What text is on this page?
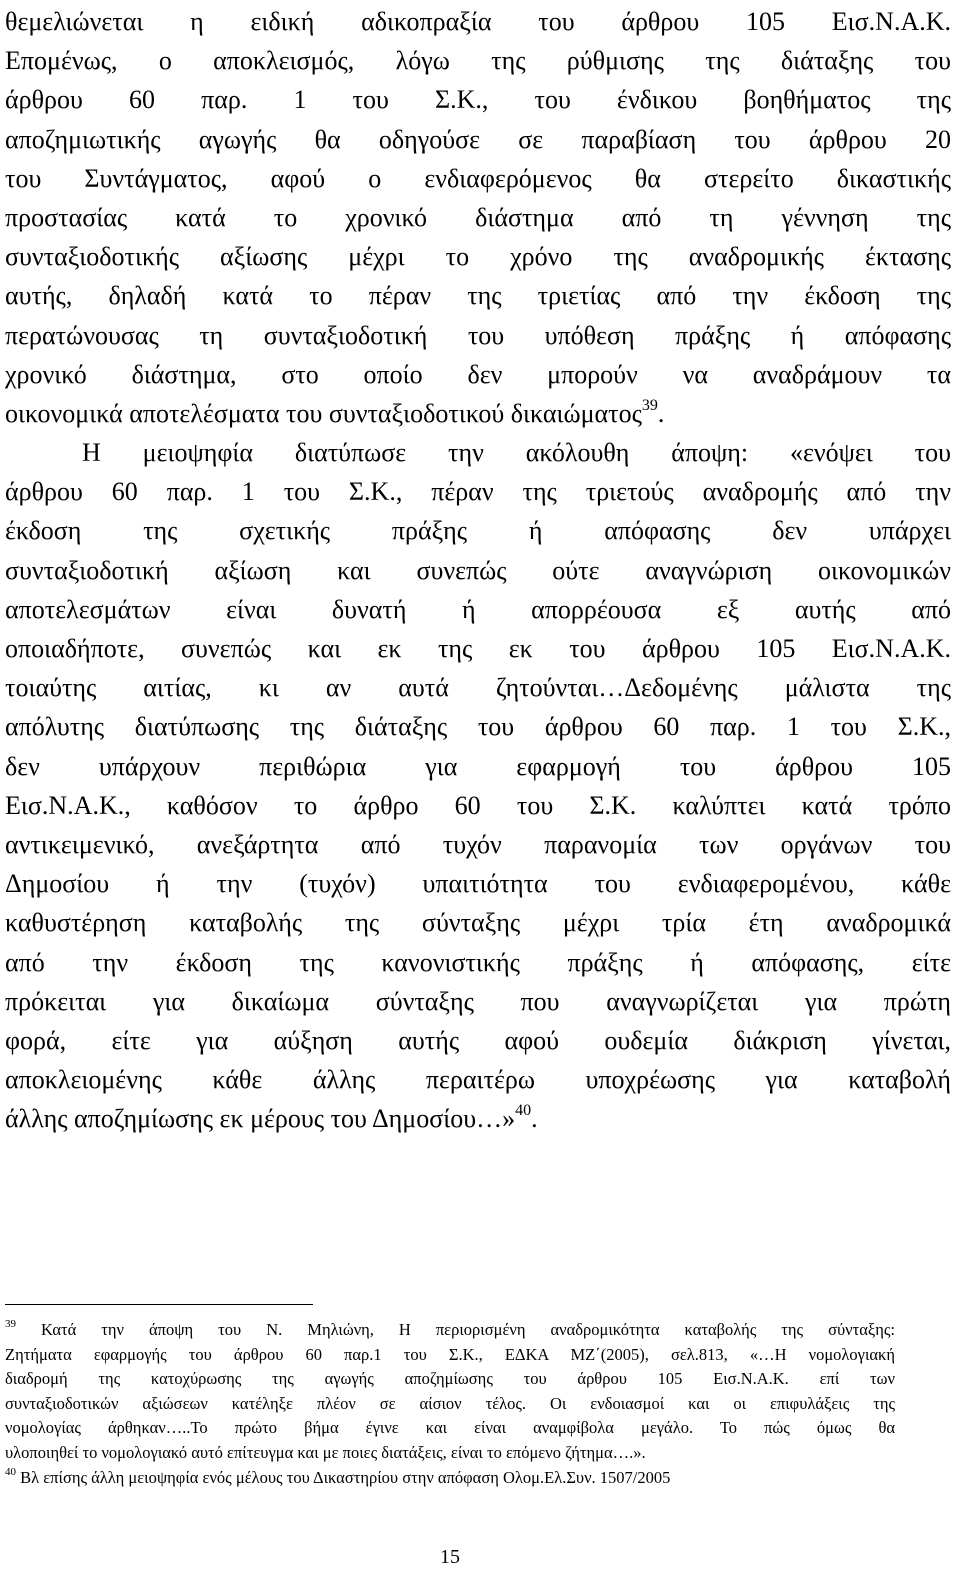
θεμελιώνεται η ειδική αδικοπραξία του άρθρου 105 Εισ.Ν.Α.Κ.
Επομένως, ο αποκλεισμός, λόγω της ρύθμισης της διάταξης του
άρθρου 60 παρ. 1 του Σ.Κ., του ένδικου βοηθήματος της
αποζημιωτικής αγωγής θα οδηγούσε σε παραβίαση του άρθρου 20
του Συντάγματος, αφού ο ενδιαφερόμενος θα στερείτο δικαστικής
προστασίας κατά το χρονικό διάστημα από τη γέννηση της
συνταξιοδοτικής αξίωσης μέχρι το χρόνο της αναδρομικής έκτασης
αυτής, δηλαδή κατά το πέραν της τριετίας από την έκδοση της
περατώνουσας τη συνταξιοδοτική του υπόθεση πράξης ή απόφασης
χρονικό διάστημα, στο οποίο δεν μπορούν να αναδράμουν τα
οικονομικά αποτελέσματα του συνταξιοδοτικού δικαιώματος$^{39}$.
Η μειοψηφία διατύπωσε την ακόλουθη άποψη: «ενόψει του
άρθρου 60 παρ. 1 του Σ.Κ., πέραν της τριετούς αναδρομής από την
έκδοση της σχετικής πράξης ή απόφασης δεν υπάρχει
συνταξιοδοτική αξίωση και συνεπώς ούτε αναγνώριση οικονομικών
αποτελεσμάτων είναι δυνατή ή απορρέουσα εξ αυτής από
οποιαδήποτε, συνεπώς και εκ της εκ του άρθρου 105 Εισ.Ν.Α.Κ.
τοιαύτης αιτίας, κι αν αυτά ζητούνται…Δεδομένης μάλιστα της
απόλυτης διατύπωσης της διάταξης του άρθρου 60 παρ. 1 του Σ.Κ.,
δεν υπάρχουν περιθώρια για εφαρμογή του άρθρου 105
Εισ.Ν.Α.Κ., καθόσον το άρθρο 60 του Σ.Κ. καλύπτει κατά τρόπο
αντικειμενικό, ανεξάρτητα από τυχόν παρανομία των οργάνων του
Δημοσίου ή την (τυχόν) υπαιτιότητα του ενδιαφερομένου, κάθε
καθυστέρηση καταβολής της σύνταξης μέχρι τρία έτη αναδρομικά
από την έκδοση της κανονιστικής πράξης ή απόφασης, είτε
πρόκειται για δικαίωμα σύνταξης που αναγνωρίζεται για πρώτη
φορά, είτε για αύξηση αυτής αφού ουδεμία διάκριση γίνεται,
αποκλειομένης κάθε άλλης περαιτέρω υποχρέωσης για καταβολή
άλλης αποζημίωσης εκ μέρους του Δημοσίου…»$^{40}$.
$^{39}$ Κατά την άποψη του Ν. Μηλιώνη, Η περιορισμένη αναδρομικότητα καταβολής της σύνταξης:
Ζητήματα εφαρμογής του άρθρου 60 παρ.1 του Σ.Κ., ΕΔΚΑ ΜΖ΄(2005), σελ.813, «…Η νομολογιακή
διαδρομή της κατοχύρωσης της αγωγής αποζημίωσης του άρθρου 105 Εισ.Ν.Α.Κ. επί των
συνταξιοδοτικών αξιώσεων κατέληξε πλέον σε αίσιον τέλος. Οι ενδοιασμοί και οι επιφυλάξεις της
νομολογίας άρθηκαν…..Το πρώτο βήμα έγινε και είναι αναμφίβολα μεγάλο. Το πώς όμως θα
υλοποιηθεί το νομολογιακό αυτό επίτευγμα και με ποιες διατάξεις, είναι το επόμενο ζήτημα….».
$^{40}$ Βλ επίσης άλλη μειοψηφία ενός μέλους του Δικαστηρίου στην απόφαση Ολομ.Ελ.Συν. 1507/2005
15
